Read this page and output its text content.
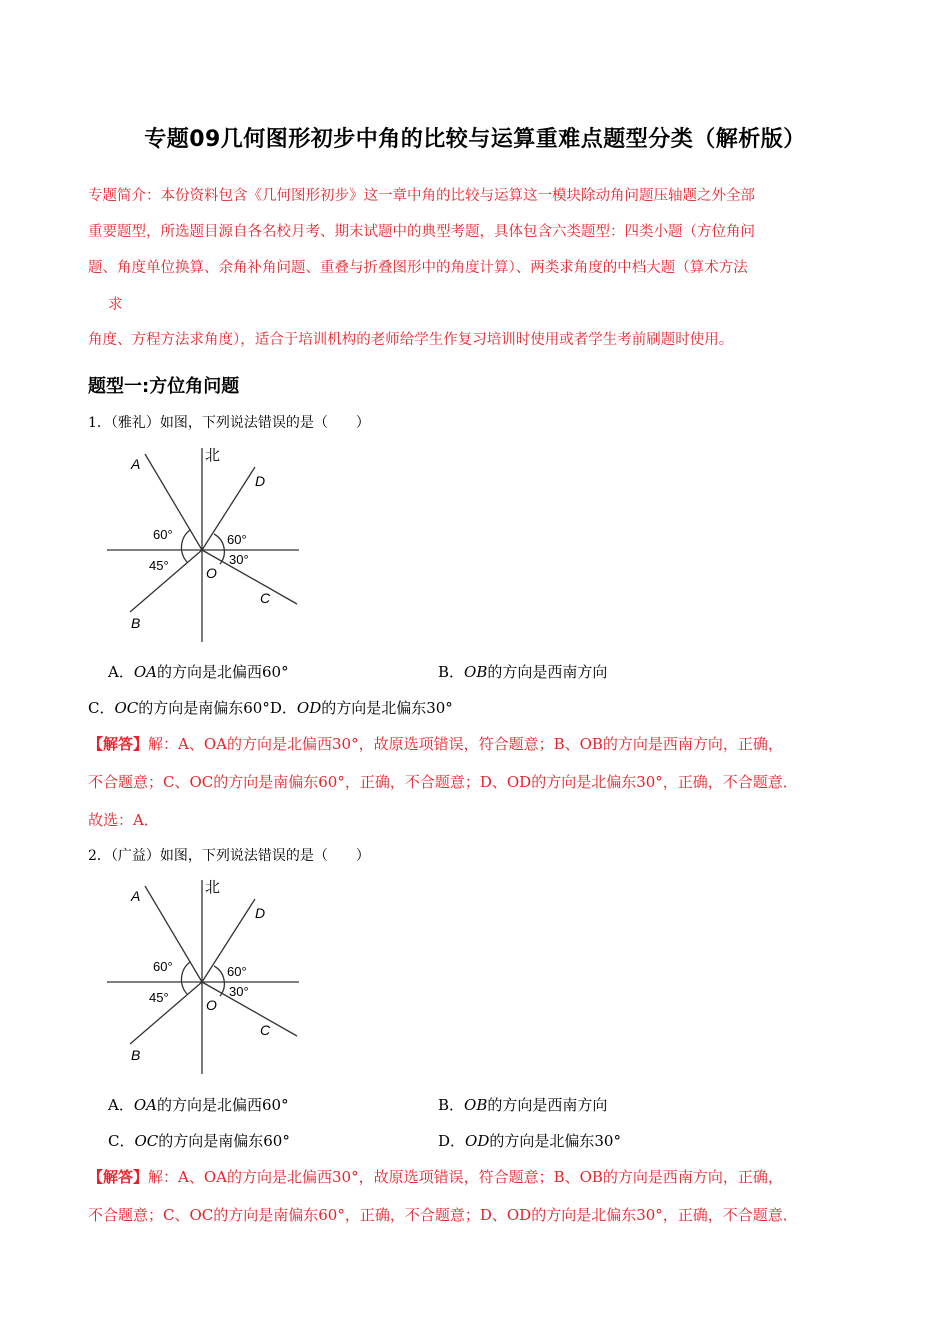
专题09几何图形初步中角的比较与运算重难点题型分类（解析版）
专题简介：本份资料包含《几何图形初步》这一章中角的比较与运算这一模块除动角问题压轴题之外全部
重要题型，所选题目源自各名校月考、期末试题中的典型考题，具体包含六类题型：四类小题（方位角问
题、角度单位换算、余角补角问题、重叠与折叠图形中的角度计算）、两类求角度的中档大题（算术方法
求
角度、方程方法求角度），适合于培训机构的老师给学生作复习培训时使用或者学生考前刷题时使用。
题型一:方位角问题
1．（雅礼）如图，下列说法错误的是（　　）
北
A
D
60°	60°
45°	30°
O
C
B
A．OA的方向是北偏西60°	B．OB的方向是西南方向
C．OC的方向是南偏东60°D．OD的方向是北偏东30°
【解答】解：A、OA的方向是北偏西30°，故原选项错误，符合题意；B、OB的方向是西南方向，正确，
不合题意；C、OC的方向是南偏东60°，正确，不合题意；D、OD的方向是北偏东30°，正确，不合题意．
故选：A．
2．（广益）如图，下列说法错误的是（　　）
北
A
D
60°	60°
45°	30°
O
C
B
A．OA的方向是北偏西60°	B．OB的方向是西南方向
C．OC的方向是南偏东60°	D．OD的方向是北偏东30°
【解答】解：A、OA的方向是北偏西30°，故原选项错误，符合题意；B、OB的方向是西南方向，正确，
不合题意；C、OC的方向是南偏东60°，正确，不合题意；D、OD的方向是北偏东30°，正确，不合题意．
